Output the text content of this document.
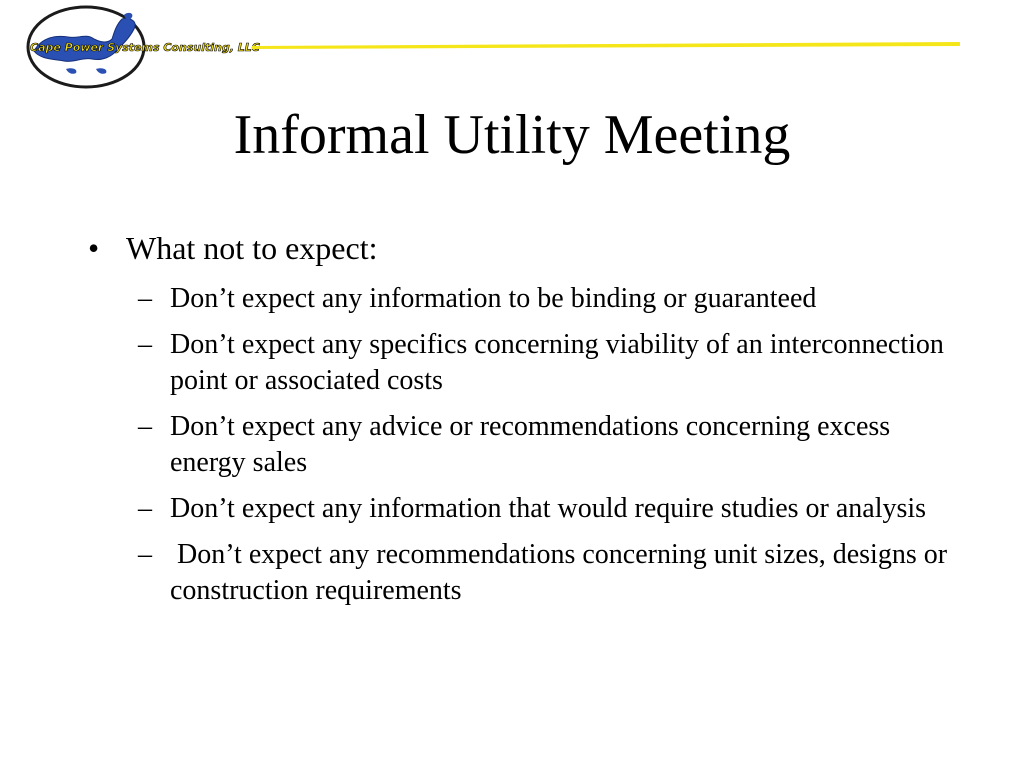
Cape Power Systems Consulting, LLC
Informal Utility Meeting
• What not to expect:
– Don’t expect any information to be binding or guaranteed
– Don’t expect any specifics concerning viability of an interconnection point or associated costs
– Don’t expect any advice or recommendations concerning excess energy sales
– Don’t expect any information that would require studies or analysis
– Don’t expect any recommendations concerning unit sizes, designs or construction requirements
